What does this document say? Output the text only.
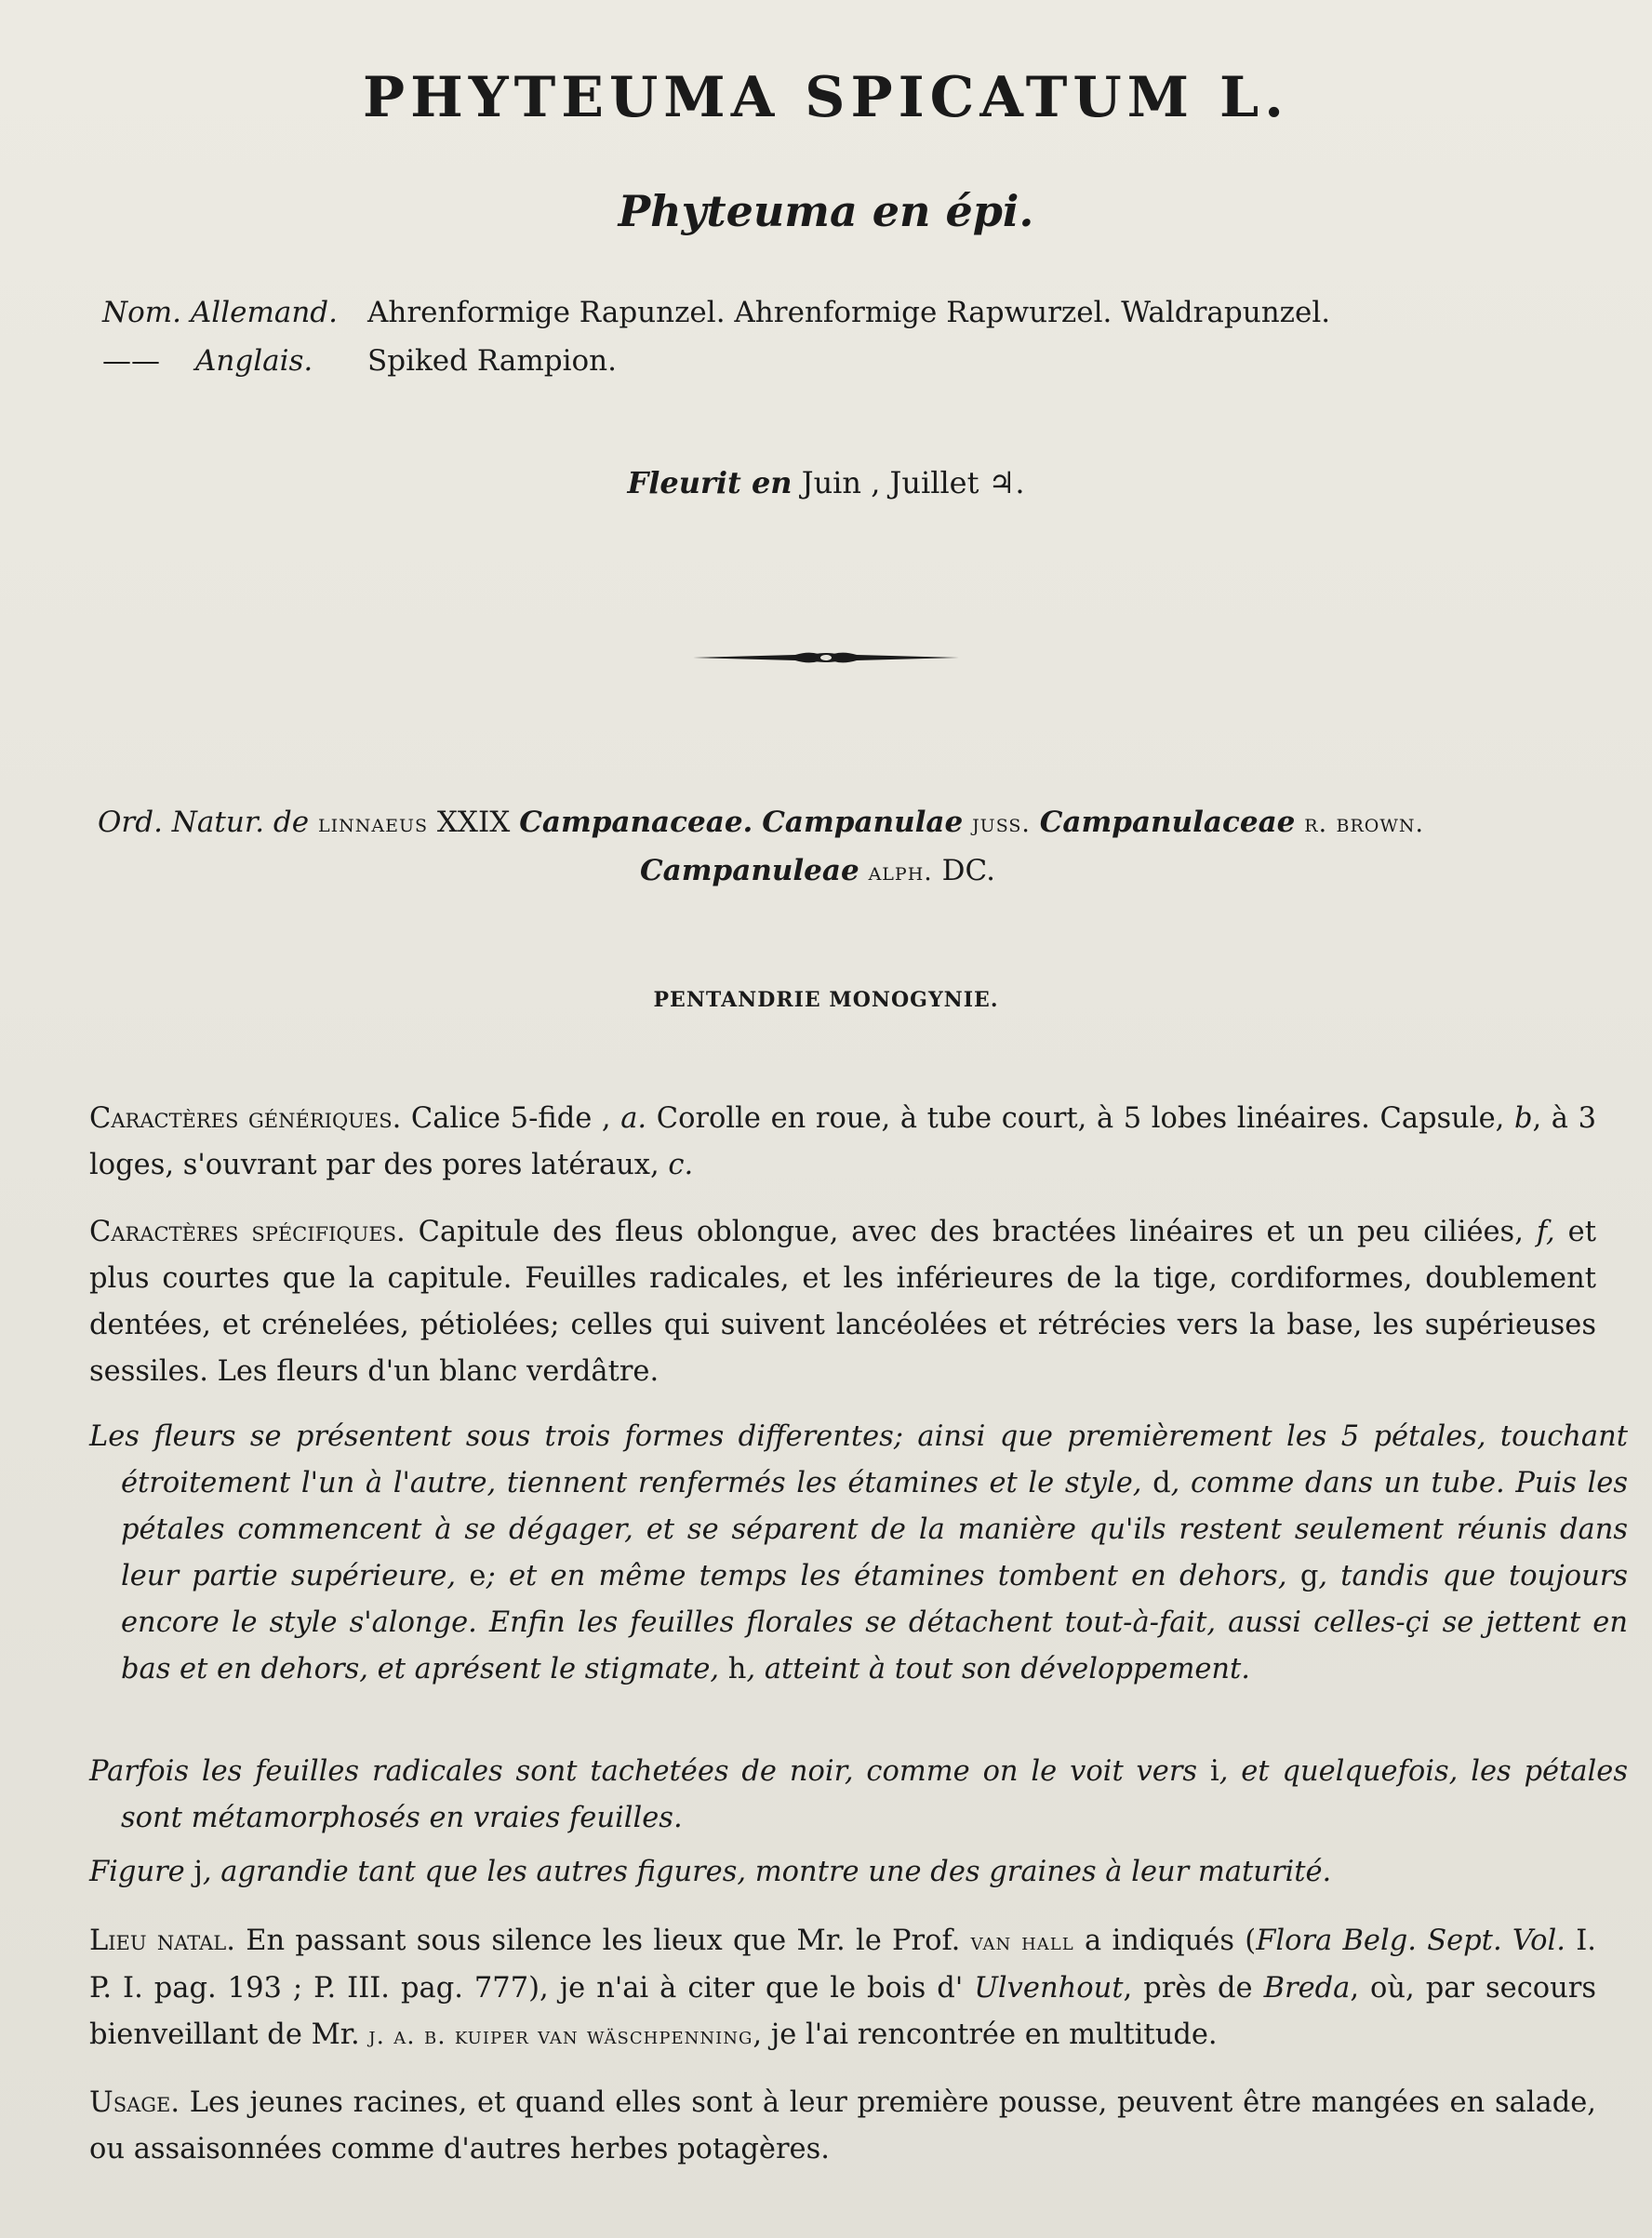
PHYTEUMA SPICATUM L.
Phyteuma en épi.
Nom. Allemand. Ahrenformige Rapunzel. Ahrenformige Rapwurzel. Waldrapunzel.
—— Anglais. Spiked Rampion.
Fleurit en Juin , Juillet ♃.
Ord. Natur. de linnaeus XXIX Campanaceae. Campanulae juss. Campanulaceae r. brown.
Campanuleae alph. DC.
PENTANDRIE MONOGYNIE.
Caractères génériques. Calice 5-fide , a. Corolle en roue, à tube court, à 5 lobes linéaires. Capsule, b, à 3 loges, s'ouvrant par des pores latéraux, c.
Caractères spécifiques. Capitule des fleus oblongue, avec des bractées linéaires et un peu ciliées, f, et plus courtes que la capitule. Feuilles radicales, et les inférieures de la tige, cordiformes, doublement dentées, et crénelées, pétiolées; celles qui suivent lancéolées et rétrécies vers la base, les supérieuses sessiles. Les fleurs d'un blanc verdâtre.
Les fleurs se présentent sous trois formes differentes; ainsi que premièrement les 5 pétales, touchant étroitement l'un à l'autre, tiennent renfermés les étamines et le style, d, comme dans un tube. Puis les pétales commencent à se dégager, et se séparent de la manière qu'ils restent seulement réunis dans leur partie supérieure, e; et en même temps les étamines tombent en dehors, g, tandis que toujours encore le style s'alonge. Enfin les feuilles florales se détachent tout-à-fait, aussi celles-çi se jettent en bas et en dehors, et aprésent le stigmate, h, atteint à tout son développement.
Parfois les feuilles radicales sont tachetées de noir, comme on le voit vers i, et quelquefois, les pétales sont métamorphosés en vraies feuilles.
Figure j, agrandie tant que les autres figures, montre une des graines à leur maturité.
Lieu natal. En passant sous silence les lieux que Mr. le Prof. van hall a indiqués (Flora Belg. Sept. Vol. I. P. I. pag. 193 ; P. III. pag. 777), je n'ai à citer que le bois d' Ulvenhout, près de Breda, où, par secours bienveillant de Mr. j. a. b. kuiper van wäschpenning, je l'ai rencontrée en multitude.
Usage. Les jeunes racines, et quand elles sont à leur première pousse, peuvent être mangées en salade, ou assaisonnées comme d'autres herbes potagères.
